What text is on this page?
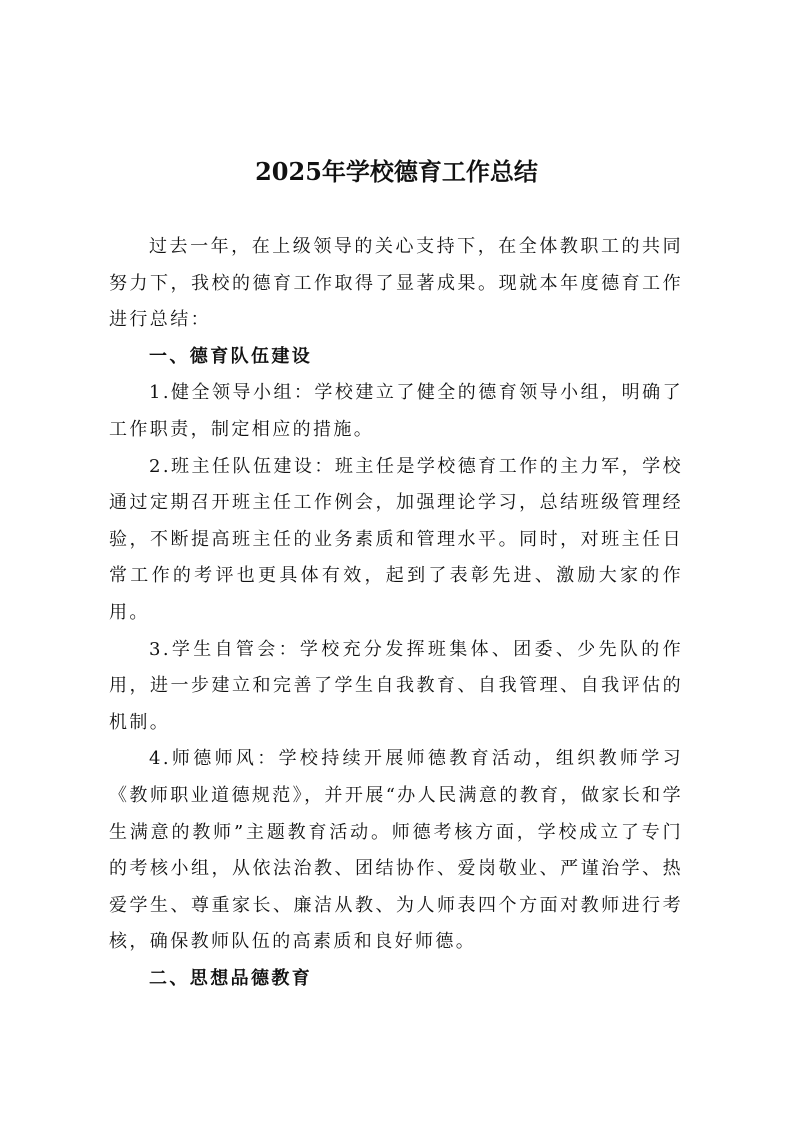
2025年学校德育工作总结

过去一年，在上级领导的关心支持下，在全体教职工的共同努力下，我校的德育工作取得了显著成果。现就本年度德育工作进行总结：

一、德育队伍建设

1.健全领导小组：学校建立了健全的德育领导小组，明确了工作职责，制定相应的措施。

2.班主任队伍建设：班主任是学校德育工作的主力军，学校通过定期召开班主任工作例会，加强理论学习，总结班级管理经验，不断提高班主任的业务素质和管理水平。同时，对班主任日常工作的考评也更具体有效，起到了表彰先进、激励大家的作用。

3.学生自管会：学校充分发挥班集体、团委、少先队的作用，进一步建立和完善了学生自我教育、自我管理、自我评估的机制。

4.师德师风：学校持续开展师德教育活动，组织教师学习《教师职业道德规范》，并开展“办人民满意的教育，做家长和学生满意的教师”主题教育活动。师德考核方面，学校成立了专门的考核小组，从依法治教、团结协作、爱岗敬业、严谨治学、热爱学生、尊重家长、廉洁从教、为人师表四个方面对教师进行考核，确保教师队伍的高素质和良好师德。

二、思想品德教育
